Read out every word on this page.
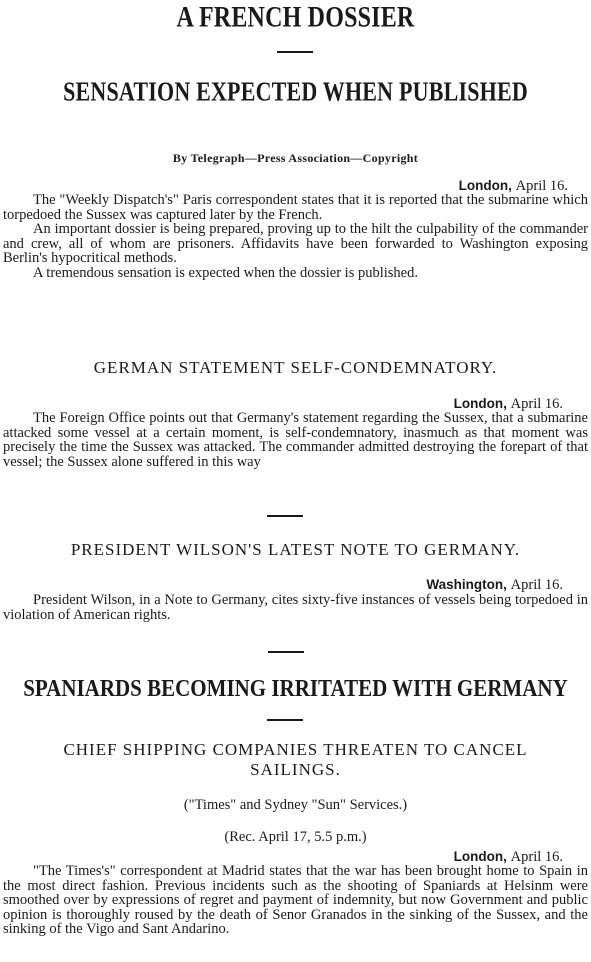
A FRENCH DOSSIER
SENSATION EXPECTED WHEN PUBLISHED
By Telegraph—Press Association—Copyright
London, April 16.

The "Weekly Dispatch's" Paris correspondent states that it is reported that the submarine which torpedoed the Sussex was captured later by the French.

An important dossier is being prepared, proving up to the hilt the culpability of the commander and crew, all of whom are prisoners. Affidavits have been forwarded to Washington exposing Berlin's hypocritical methods.

A tremendous sensation is expected when the dossier is published.

GERMAN STATEMENT SELF-CONDEMNATORY.
London, April 16.

The Foreign Office points out that Germany's statement regarding the Sussex, that a submarine attacked some vessel at a certain moment, is self-condemnatory, inasmuch as that moment was precisely the time the Sussex was attacked. The commander admitted destroying the forepart of that vessel; the Sussex alone suffered in this way

PRESIDENT WILSON'S LATEST NOTE TO GERMANY.
Washington, April 16.

President Wilson, in a Note to Germany, cites sixty-five instances of vessels being torpedoed in violation of American rights.

SPANIARDS BECOMING IRRITATED WITH GERMANY
CHIEF SHIPPING COMPANIES THREATEN TO CANCEL
SAILINGS.
("Times" and Sydney "Sun" Services.)
(Rec. April 17, 5.5 p.m.)
London, April 16.

"The Times's" correspondent at Madrid states that the war has been brought home to Spain in the most direct fashion. Previous incidents such as the shooting of Spaniards at Helsinm were smoothed over by expressions of regret and payment of indemnity, but now Government and public opinion is thoroughly roused by the death of Senor Granados in the sinking of the Sussex, and the sinking of the Vigo and Sant Andarino.
